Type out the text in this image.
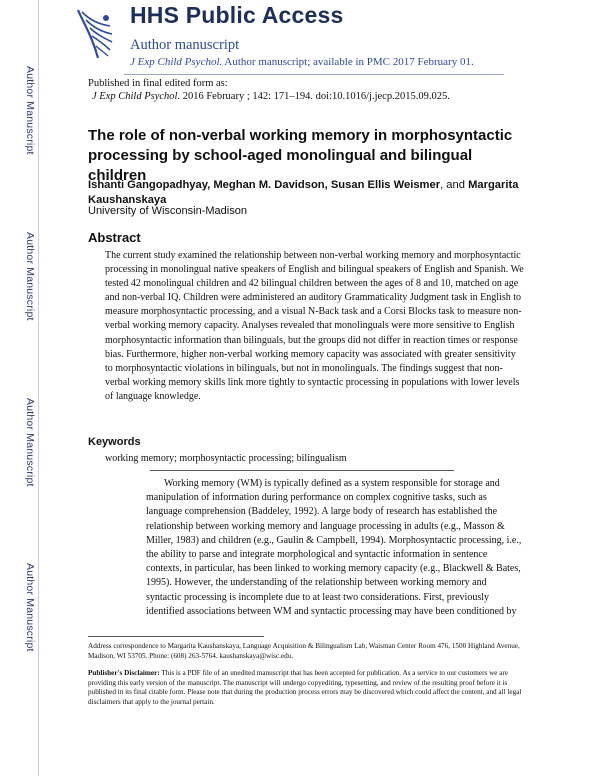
Author Manuscript
Author Manuscript
Author Manuscript
Author Manuscript
HHS Public Access
Author manuscript
J Exp Child Psychol. Author manuscript; available in PMC 2017 February 01.
Published in final edited form as:
J Exp Child Psychol. 2016 February ; 142: 171–194. doi:10.1016/j.jecp.2015.09.025.
The role of non-verbal working memory in morphosyntactic processing by school-aged monolingual and bilingual children
Ishanti Gangopadhyay, Meghan M. Davidson, Susan Ellis Weismer, and Margarita Kaushanskaya
University of Wisconsin-Madison
Abstract
The current study examined the relationship between non-verbal working memory and morphosyntactic processing in monolingual native speakers of English and bilingual speakers of English and Spanish. We tested 42 monolingual children and 42 bilingual children between the ages of 8 and 10, matched on age and non-verbal IQ. Children were administered an auditory Grammaticality Judgment task in English to measure morphosyntactic processing, and a visual N-Back task and a Corsi Blocks task to measure non-verbal working memory capacity. Analyses revealed that monolinguals were more sensitive to English morphosyntactic information than bilinguals, but the groups did not differ in reaction times or response bias. Furthermore, higher non-verbal working memory capacity was associated with greater sensitivity to morphosyntactic violations in bilinguals, but not in monolinguals. The findings suggest that non-verbal working memory skills link more tightly to syntactic processing in populations with lower levels of language knowledge.
Keywords
working memory; morphosyntactic processing; bilingualism
Working memory (WM) is typically defined as a system responsible for storage and manipulation of information during performance on complex cognitive tasks, such as language comprehension (Baddeley, 1992). A large body of research has established the relationship between working memory and language processing in adults (e.g., Masson & Miller, 1983) and children (e.g., Gaulin & Campbell, 1994). Morphosyntactic processing, i.e., the ability to parse and integrate morphological and syntactic information in sentence contexts, in particular, has been linked to working memory capacity (e.g., Blackwell & Bates, 1995). However, the understanding of the relationship between working memory and syntactic processing is incomplete due to at least two considerations. First, previously identified associations between WM and syntactic processing may have been conditioned by
Address correspondence to Margarita Kaushanskaya, Language Acquisition & Bilingualism Lab, Waisman Center Room 476, 1500 Highland Avenue, Madison, WI 53705. Phone: (608) 263-5764. kaushanskaya@wisc.edu.
Publisher's Disclaimer: This is a PDF file of an unedited manuscript that has been accepted for publication. As a service to our customers we are providing this early version of the manuscript. The manuscript will undergo copyediting, typesetting, and review of the resulting proof before it is published in its final citable form. Please note that during the production process errors may be discovered which could affect the content, and all legal disclaimers that apply to the journal pertain.
